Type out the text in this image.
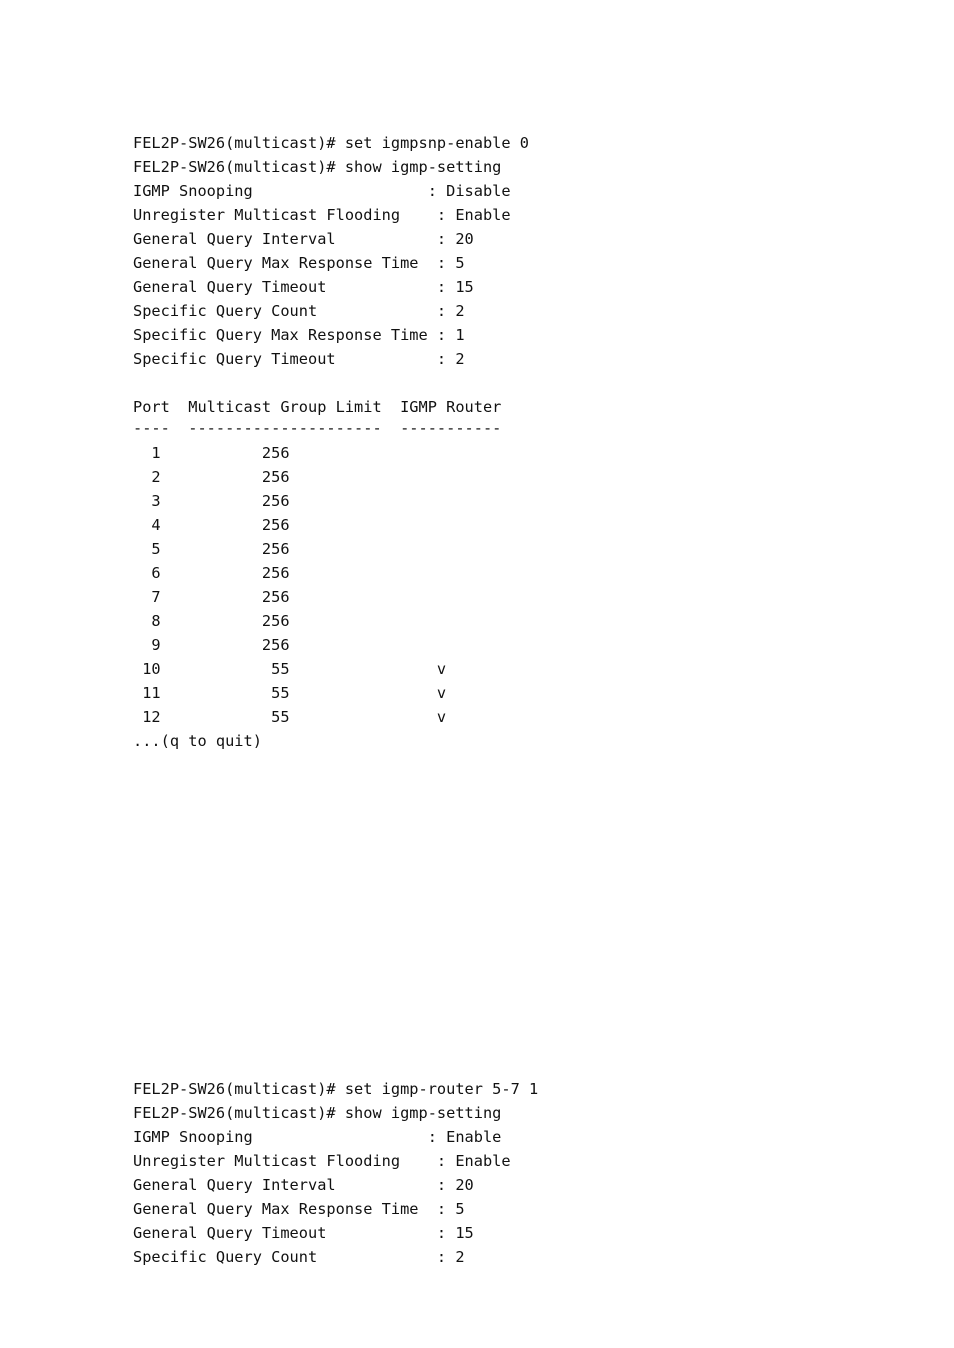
FEL2P-SW26(multicast)# set igmpsnp-enable 0
FEL2P-SW26(multicast)# show igmp-setting
IGMP Snooping                   : Disable
Unregister Multicast Flooding    : Enable
General Query Interval           : 20
General Query Max Response Time  : 5
General Query Timeout            : 15
Specific Query Count             : 2
Specific Query Max Response Time : 1
Specific Query Timeout           : 2
Port  Multicast Group Limit  IGMP Router
----  ---------------------  -----------
1           256
2           256
3           256
4           256
5           256
6           256
7           256
8           256
9           256
10            55                v
11            55                v
12            55                v
...(q to quit)
FEL2P-SW26(multicast)# set igmp-router 5-7 1
FEL2P-SW26(multicast)# show igmp-setting
IGMP Snooping                   : Enable
Unregister Multicast Flooding    : Enable
General Query Interval           : 20
General Query Max Response Time  : 5
General Query Timeout            : 15
Specific Query Count             : 2
